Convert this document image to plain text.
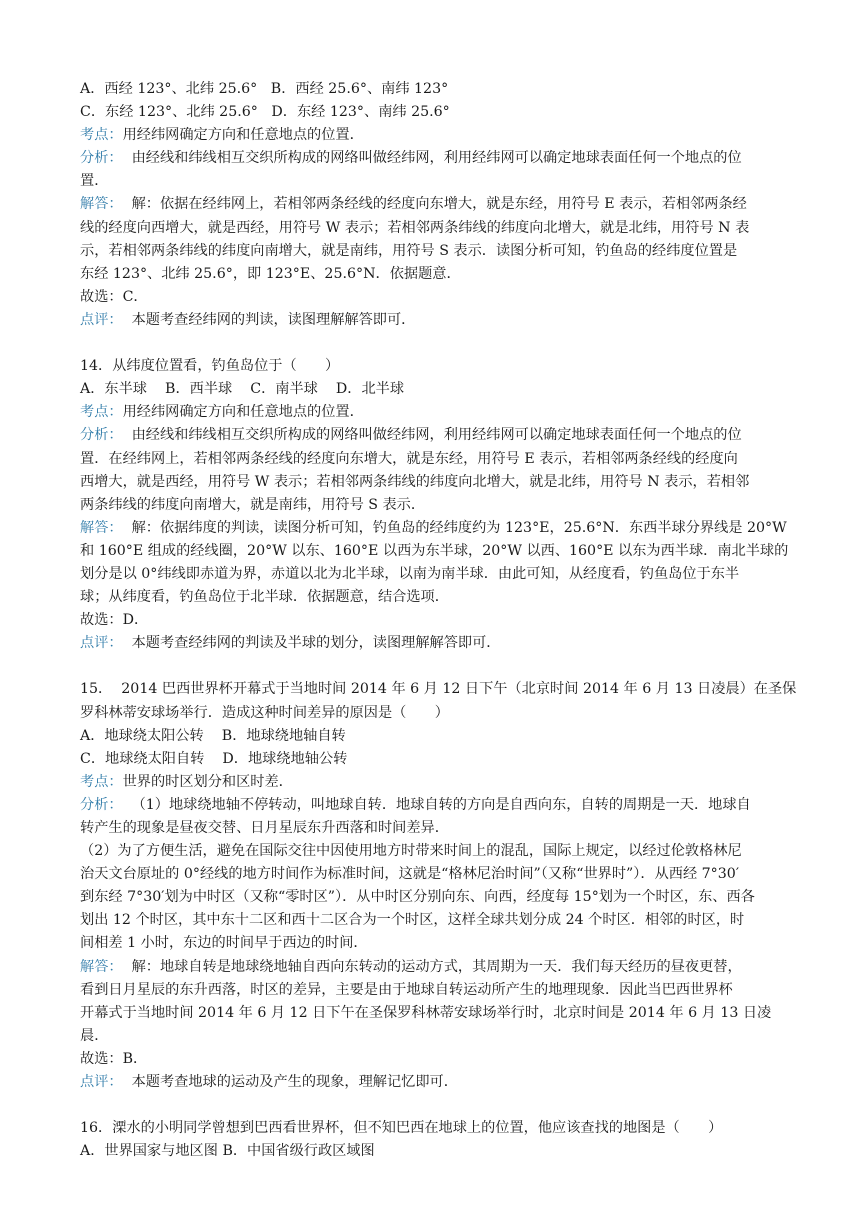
A．西经 123°、北纬 25.6°   B．西经 25.6°、南纬 123°
C．东经 123°、北纬 25.6°   D．东经 123°、南纬 25.6°
考点：用经纬网确定方向和任意地点的位置．
分析：  由经线和纬线相互交织所构成的网络叫做经纬网，利用经纬网可以确定地球表面任何一个地点的位
置．
解答：  解：依据在经纬网上，若相邻两条经线的经度向东增大，就是东经，用符号 E 表示，若相邻两条经
线的经度向西增大，就是西经，用符号 W 表示；若相邻两条纬线的纬度向北增大，就是北纬，用符号 N 表
示，若相邻两条纬线的纬度向南增大，就是南纬，用符号 S 表示．读图分析可知，钓鱼岛的经纬度位置是
东经 123°、北纬 25.6°，即 123°E、25.6°N．依据题意．
故选：C．
点评：  本题考查经纬网的判读，读图理解解答即可．
14．从纬度位置看，钓鱼岛位于（　　）
A．东半球    B．西半球    C．南半球    D．北半球
考点：用经纬网确定方向和任意地点的位置．
分析：  由经线和纬线相互交织所构成的网络叫做经纬网，利用经纬网可以确定地球表面任何一个地点的位
置．在经纬网上，若相邻两条经线的经度向东增大，就是东经，用符号 E 表示，若相邻两条经线的经度向
西增大，就是西经，用符号 W 表示；若相邻两条纬线的纬度向北增大，就是北纬，用符号 N 表示，若相邻
两条纬线的纬度向南增大，就是南纬，用符号 S 表示．
解答：  解：依据纬度的判读，读图分析可知，钓鱼岛的经纬度约为 123°E，25.6°N．东西半球分界线是 20°W
和 160°E 组成的经线圈，20°W 以东、160°E 以西为东半球，20°W 以西、160°E 以东为西半球．南北半球的
划分是以 0°纬线即赤道为界，赤道以北为北半球，以南为南半球．由此可知，从经度看，钓鱼岛位于东半
球；从纬度看，钓鱼岛位于北半球．依据题意，结合选项．
故选：D．
点评：  本题考查经纬网的判读及半球的划分，读图理解解答即可．
15．  2014 巴西世界杯开幕式于当地时间 2014 年 6 月 12 日下午（北京时间 2014 年 6 月 13 日凌晨）在圣保
罗科林蒂安球场举行．造成这种时间差异的原因是（　　）
A．地球绕太阳公转    B．地球绕地轴自转
C．地球绕太阳自转    D．地球绕地轴公转
考点：世界的时区划分和区时差．
分析：  （1）地球绕地轴不停转动，叫地球自转．地球自转的方向是自西向东，自转的周期是一天．地球自
转产生的现象是昼夜交替、日月星辰东升西落和时间差异．
（2）为了方便生活，避免在国际交往中因使用地方时带来时间上的混乱，国际上规定，以经过伦敦格林尼
治天文台原址的 0°经线的地方时间作为标准时间，这就是“格林尼治时间”（又称“世界时”）．从西经 7°30′
到东经 7°30′划为中时区（又称“零时区”）．从中时区分别向东、向西，经度每 15°划为一个时区，东、西各
划出 12 个时区，其中东十二区和西十二区合为一个时区，这样全球共划分成 24 个时区．相邻的时区，时
间相差 1 小时，东边的时间早于西边的时间．
解答：  解：地球自转是地球绕地轴自西向东转动的运动方式，其周期为一天．我们每天经历的昼夜更替，
看到日月星辰的东升西落，时区的差异，主要是由于地球自转运动所产生的地理现象．因此当巴西世界杯
开幕式于当地时间 2014 年 6 月 12 日下午在圣保罗科林蒂安球场举行时，北京时间是 2014 年 6 月 13 日凌
晨．
故选：B．
点评：  本题考查地球的运动及产生的现象，理解记忆即可．
16．溧水的小明同学曾想到巴西看世界杯，但不知巴西在地球上的位置，他应该查找的地图是（　　）
A．世界国家与地区图 B．中国省级行政区域图
